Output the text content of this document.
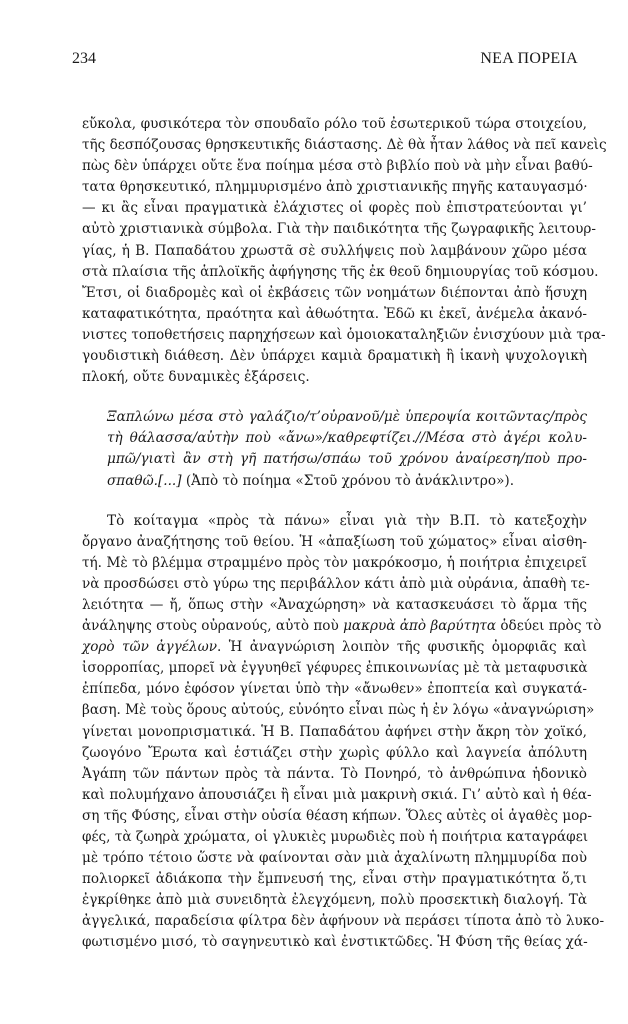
234	ΝΕΑ ΠΟΡΕΙΑ
εὔκολα, φυσικότερα τὸν σπουδαῖο ρόλο τοῦ ἐσωτερικοῦ τώρα στοιχείου,
τῆς δεσπόζουσας θρησκευτικῆς διάστασης. Δὲ θὰ ἦταν λάθος νὰ πεῖ κανεὶς
πὼς δὲν ὑπάρχει οὔτε ἕνα ποίημα μέσα στὸ βιβλίο ποὺ νὰ μὴν εἶναι βαθύ-
τατα θρησκευτικό, πλημμυρισμένο ἀπὸ χριστιανικῆς πηγῆς καταυγασμό·
— κι ἂς εἶναι πραγματικὰ ἐλάχιστες οἱ φορὲς ποὺ ἐπιστρατεύονται γι’
αὐτὸ χριστιανικὰ σύμβολα. Γιὰ τὴν παιδικότητα τῆς ζωγραφικῆς λειτουρ-
γίας, ἡ Β. Παπαδάτου χρωστᾶ σὲ συλλήψεις ποὺ λαμβάνουν χῶρο μέσα
στὰ πλαίσια τῆς ἁπλοϊκῆς ἀφήγησης τῆς ἐκ θεοῦ δημιουργίας τοῦ κόσμου.
Ἔτσι, οἱ διαδρομὲς καὶ οἱ ἐκβάσεις τῶν νοημάτων διέπονται ἀπὸ ἥσυχη
καταφατικότητα, πραότητα καὶ ἀθωότητα. Ἐδῶ κι ἐκεῖ, ἀνέμελα ἀκανό-
νιστες τοποθετήσεις παρηχήσεων καὶ ὁμοιοκαταληξιῶν ἐνισχύουν μιὰ τρα-
γουδιστικὴ διάθεση. Δὲν ὑπάρχει καμιὰ δραματικὴ ἢ ἱκανὴ ψυχολογικὴ
πλοκή, οὔτε δυναμικὲς ἐξάρσεις.
Ξαπλώνω μέσα στὸ γαλάζιο/τ’οὐρανοῦ/μὲ ὑπεροψία κοιτῶντας/πρὸς
τὴ θάλασσα/αὐτὴν ποὺ «ἄνω»/καθρεφτίζει.//Μέσα στὸ ἀγέρι κολυ-
μπῶ/γιατὶ ἂν στὴ γῆ πατήσω/σπάω τοῦ χρόνου ἀναίρεση/ποὺ προ-
σπαθῶ.[...] (Ἀπὸ τὸ ποίημα «Στοῦ χρόνου τὸ ἀνάκλιντρο»).
Τὸ κοίταγμα «πρὸς τὰ πάνω» εἶναι γιὰ τὴν Β.Π. τὸ κατεξοχὴν
ὄργανο ἀναζήτησης τοῦ θείου. Ἡ «ἀπαξίωση τοῦ χώματος» εἶναι αἰσθη-
τή. Μὲ τὸ βλέμμα στραμμένο πρὸς τὸν μακρόκοσμο, ἡ ποιήτρια ἐπιχειρεῖ
νὰ προσδώσει στὸ γύρω της περιβάλλον κάτι ἀπὸ μιὰ οὐράνια, ἀπαθὴ τε-
λειότητα — ἤ, ὅπως στὴν «Ἀναχώρηση» νὰ κατασκευάσει τὸ ἅρμα τῆς
ἀνάληψης στοὺς οὐρανούς, αὐτὸ ποὺ μακρυὰ ἀπὸ βαρύτητα ὁδεύει πρὸς τὸ
χορὸ τῶν ἀγγέλων. Ἡ ἀναγνώριση λοιπὸν τῆς φυσικῆς ὀμορφιᾶς καὶ
ἰσορροπίας, μπορεῖ νὰ ἐγγυηθεῖ γέφυρες ἐπικοινωνίας μὲ τὰ μεταφυσικὰ
ἐπίπεδα, μόνο ἐφόσον γίνεται ὑπὸ τὴν «ἄνωθεν» ἐποπτεία καὶ συγκατά-
βαση. Μὲ τοὺς ὅρους αὐτούς, εὐνόητο εἶναι πὼς ἡ ἐν λόγω «ἀναγνώριση»
γίνεται μονοπρισματικά. Ἡ Β. Παπαδάτου ἀφήνει στὴν ἄκρη τὸν χοϊκό,
ζωογόνο Ἔρωτα καὶ ἑστιάζει στὴν χωρὶς φύλλο καὶ λαγνεία ἀπόλυτη
Ἀγάπη τῶν πάντων πρὸς τὰ πάντα. Τὸ Πονηρό, τὸ ἀνθρώπινα ἡδονικὸ
καὶ πολυμήχανο ἀπουσιάζει ἢ εἶναι μιὰ μακρινὴ σκιά. Γι’ αὐτὸ καὶ ἡ θέα-
ση τῆς Φύσης, εἶναι στὴν οὐσία θέαση κήπων. Ὅλες αὐτὲς οἱ ἀγαθὲς μορ-
φές, τὰ ζωηρὰ χρώματα, οἱ γλυκιὲς μυρωδιὲς ποὺ ἡ ποιήτρια καταγράφει
μὲ τρόπο τέτοιο ὥστε νὰ φαίνονται σὰν μιὰ ἀχαλίνωτη πλημμυρίδα ποὺ
πολιορκεῖ ἀδιάκοπα τὴν ἔμπνευσή της, εἶναι στὴν πραγματικότητα ὅ,τι
ἐγκρίθηκε ἀπὸ μιὰ συνειδητὰ ἐλεγχόμενη, πολὺ προσεκτικὴ διαλογή. Τὰ
ἀγγελικά, παραδείσια φίλτρα δὲν ἀφήνουν νὰ περάσει τίποτα ἀπὸ τὸ λυκο-
φωτισμένο μισό, τὸ σαγηνευτικὸ καὶ ἐνστικτῶδες. Ἡ Φύση τῆς θείας χά-
